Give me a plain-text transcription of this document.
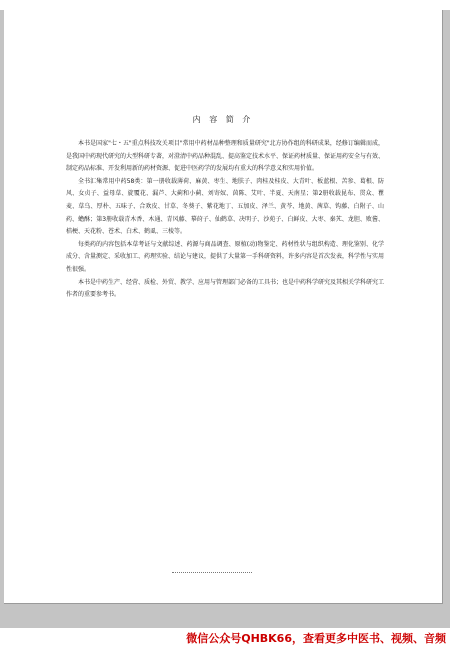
内 容 简 介

本书是国家"七・五"重点科技攻关项目"常用中药材品种整理和质量研究"北方协作组的科研成果，经修订编辑而成，是我国中药现代研究的大型科研专著，对澄清中药品种混乱、提高鉴定技术水平、保证药材质量、保证用药安全与有效、制定药品标准、开发利用新的药材资源、促进中医药学的发展均有重大的科学意义和实用价值。

全书汇集常用中药58类：第一册收载薄荷、麻黄、枣生、地肤子、肉桂及桂皮、大青叶、板蓝根、苦参、葛根、防风、女贞子、益母草、旋覆花、漏芦、大蓟和小蓟、刘寄奴、茵陈、艾叶、半夏、天南星；第2册收载昆布、贯众、瞿麦、草乌、厚朴、五味子、合欢皮、甘草、冬葵子、紫花地丁、五加皮、泽兰、黄芩、地黄、茜草、钩藤、白附子、山药、蟾酥；第3册收载青木香、木通、青风藤、摹莳子、仙鹤草、决明子、沙苑子、白鲜皮、大枣、秦艽、龙胆、败酱、桔梗、天花粉、苍术、白术、鹤虱、三棱等。

每类药的内容包括本草考证与文献综述、药源与商品调查、原植(动)物鉴定、药材性状与组织构造、理化鉴别、化学成分、含量测定、采收加工、药理实验、结论与建议，提供了大量第一手科研资料，许多内容是首次发表，科学性与实用性很强。

本书是中药生产、经营、质检、外贸、教学、应用与管理部门必备的工具书；也是中药科学研究及其相关学科研究工作者的重要参考书。

微信公众号QHBK66，查看更多中医书、视频、音频
